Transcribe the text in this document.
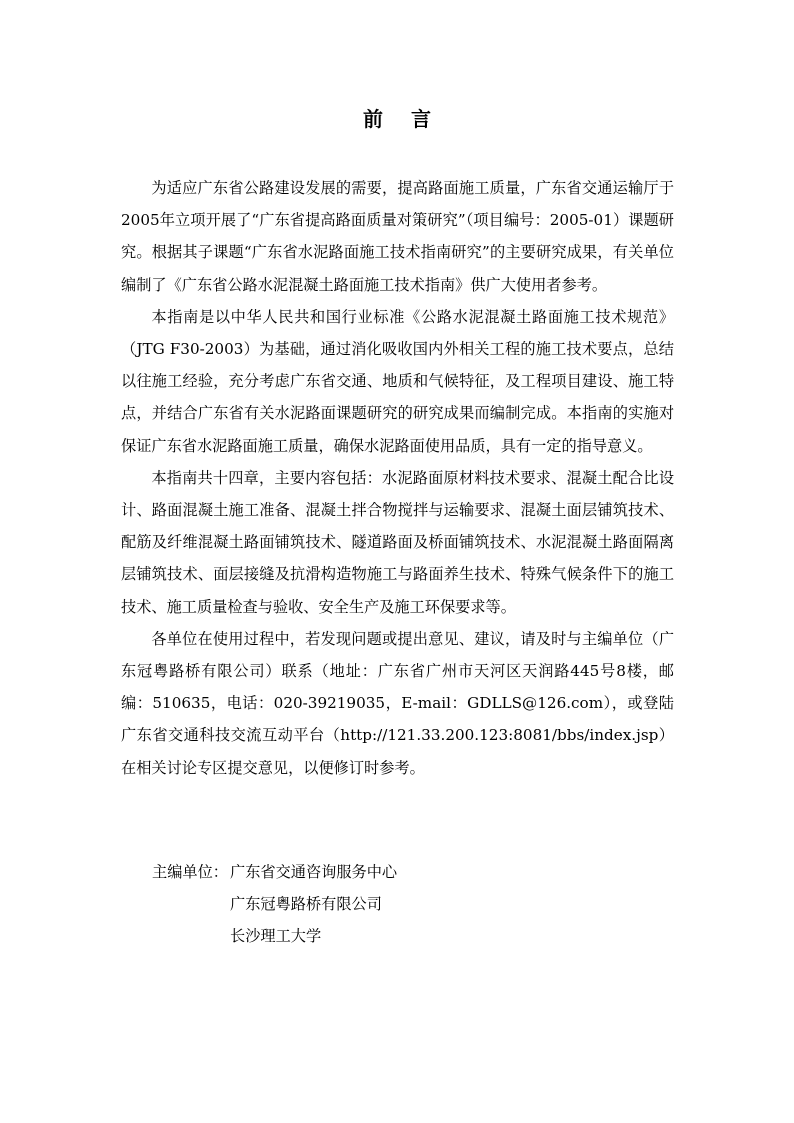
前 言

为适应广东省公路建设发展的需要，提高路面施工质量，广东省交通运输厅于2005年立项开展了“广东省提高路面质量对策研究”（项目编号：2005-01）课题研究。根据其子课题“广东省水泥路面施工技术指南研究”的主要研究成果，有关单位编制了《广东省公路水泥混凝土路面施工技术指南》供广大使用者参考。

本指南是以中华人民共和国行业标准《公路水泥混凝土路面施工技术规范》（JTG F30-2003）为基础，通过消化吸收国内外相关工程的施工技术要点，总结以往施工经验，充分考虑广东省交通、地质和气候特征，及工程项目建设、施工特点，并结合广东省有关水泥路面课题研究的研究成果而编制完成。本指南的实施对保证广东省水泥路面施工质量，确保水泥路面使用品质，具有一定的指导意义。

本指南共十四章，主要内容包括：水泥路面原材料技术要求、混凝土配合比设计、路面混凝土施工准备、混凝土拌合物搅拌与运输要求、混凝土面层铺筑技术、配筋及纤维混凝土路面铺筑技术、隧道路面及桥面铺筑技术、水泥混凝土路面隔离层铺筑技术、面层接缝及抗滑构造物施工与路面养生技术、特殊气候条件下的施工技术、施工质量检查与验收、安全生产及施工环保要求等。

各单位在使用过程中，若发现问题或提出意见、建议，请及时与主编单位（广东冠粤路桥有限公司）联系（地址：广东省广州市天河区天润路445号8楼，邮编：510635，电话：020-39219035，E-mail：GDLLS@126.com），或登陆广东省交通科技交流互动平台（http://121.33.200.123:8081/bbs/index.jsp）在相关讨论专区提交意见，以便修订时参考。

主编单位： 广东省交通咨询服务中心
广东冠粤路桥有限公司
长沙理工大学
